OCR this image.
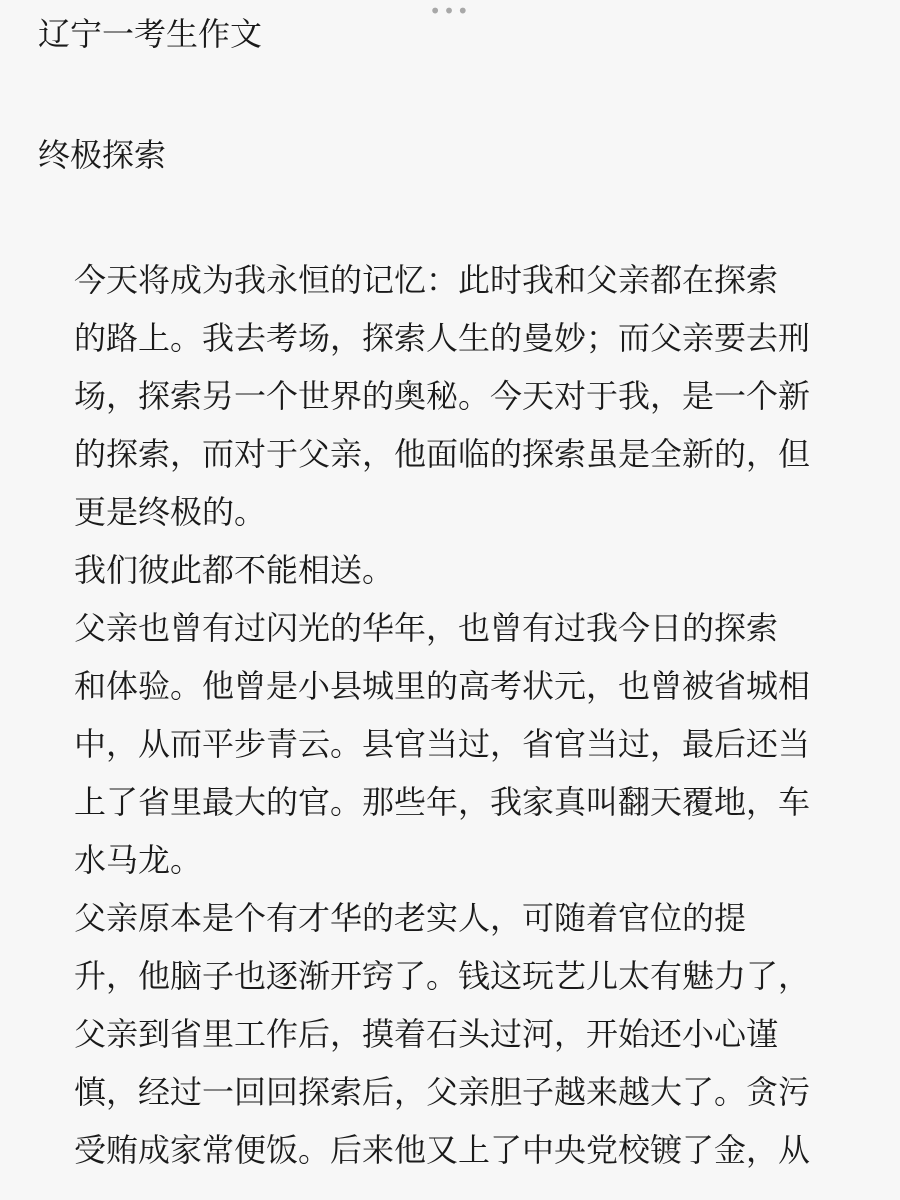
•••
辽宁一考生作文
终极探索

今天将成为我永恒的记忆：此时我和父亲都在探索
的路上。我去考场，探索人生的曼妙；而父亲要去刑
场，探索另一个世界的奥秘。今天对于我，是一个新
的探索，而对于父亲，他面临的探索虽是全新的，但
更是终极的。

我们彼此都不能相送。

父亲也曾有过闪光的华年，也曾有过我今日的探索
和体验。他曾是小县城里的高考状元，也曾被省城相
中，从而平步青云。县官当过，省官当过，最后还当
上了省里最大的官。那些年，我家真叫翻天覆地，车
水马龙。

父亲原本是个有才华的老实人，可随着官位的提
升，他脑子也逐渐开窍了。钱这玩艺儿太有魅力了，
父亲到省里工作后，摸着石头过河，开始还小心谨
慎，经过一回回探索后，父亲胆子越来越大了。贪污
受贿成家常便饭。后来他又上了中央党校镀了金，从
